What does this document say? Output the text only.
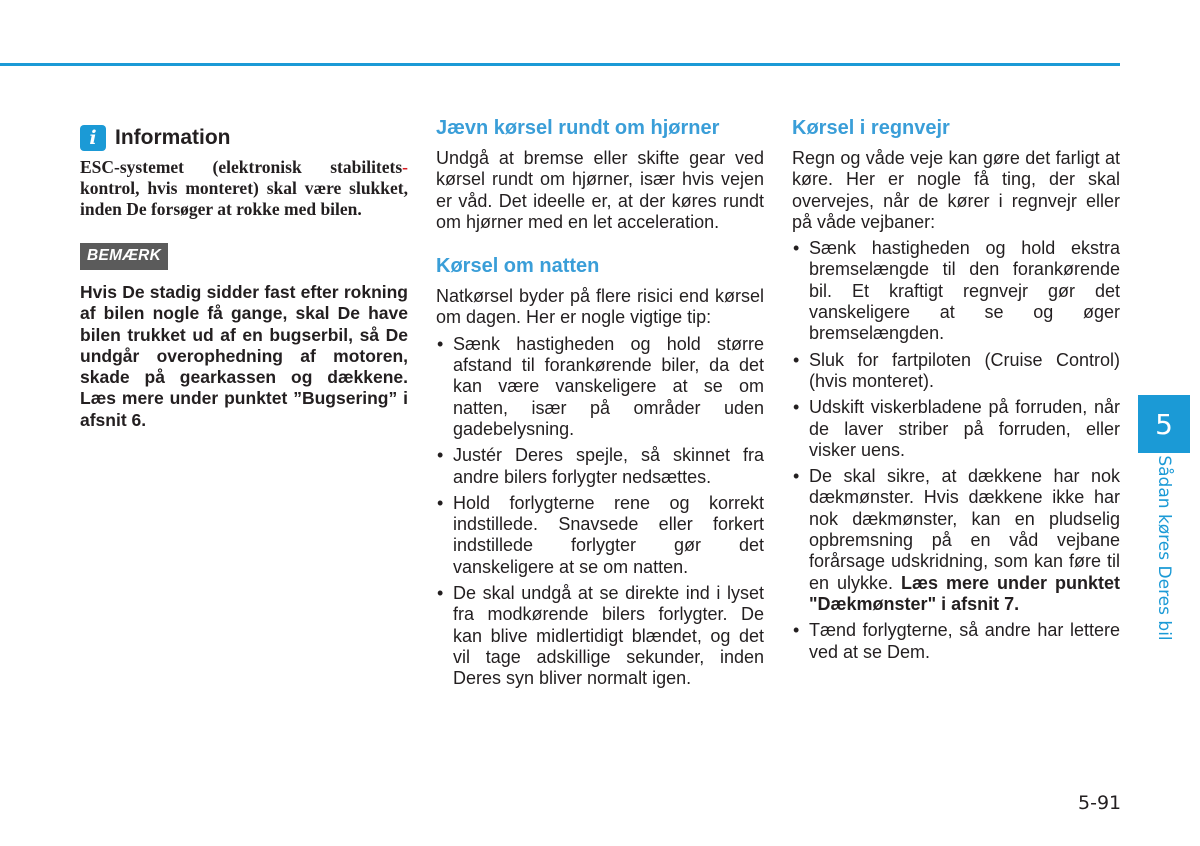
i Information

ESC-systemet (elektronisk stabilitets- kontrol, hvis monteret) skal være slukket, inden De forsøger at rokke med bilen.

BEMÆRK

Hvis De stadig sidder fast efter rokning af bilen nogle få gange, skal De have bilen trukket ud af en bugserbil, så De undgår overophedning af motoren, skade på gearkassen og dækkene. Læs mere under punktet ”Bugsering” i afsnit 6.

Jævn kørsel rundt om hjørner

Undgå at bremse eller skifte gear ved kørsel rundt om hjørner, især hvis vejen er våd. Det ideelle er, at der køres rundt om hjørner med en let acceleration.

Kørsel om natten

Natkørsel byder på flere risici end kørsel om dagen. Her er nogle vigtige tip:

• Sænk hastigheden og hold større afstand til forankørende biler, da det kan være vanskeligere at se om natten, især på områder uden gadebelysning.
• Justér Deres spejle, så skinnet fra andre bilers forlygter nedsættes.
• Hold forlygterne rene og korrekt indstillede. Snavsede eller forkert indstillede forlygter gør det vanskeligere at se om natten.
• De skal undgå at se direkte ind i lyset fra modkørende bilers forlygter. De kan blive midlertidigt blændet, og det vil tage adskillige sekunder, inden Deres syn bliver normalt igen.
Kørsel i regnvejr

Regn og våde veje kan gøre det farligt at køre. Her er nogle få ting, der skal overvejes, når de kører i regnvejr eller på våde vejbaner:

• Sænk hastigheden og hold ekstra bremselængde til den forankørende bil. Et kraftigt regnvejr gør det vanskeligere at se og øger bremselængden.
• Sluk for fartpiloten (Cruise Control) (hvis monteret).
• Udskift viskerbladene på forruden, når de laver striber på forruden, eller visker uens.
• De skal sikre, at dækkene har nok dækmønster. Hvis dækkene ikke har nok dækmønster, kan en pludselig opbremsning på en våd vejbane forårsage udskridning, som kan føre til en ulykke. Læs mere under punktet "Dækmønster" i afsnit 7.
• Tænd forlygterne, så andre har lettere ved at se Dem.
5
Sådan køres Deres bil
5-91
